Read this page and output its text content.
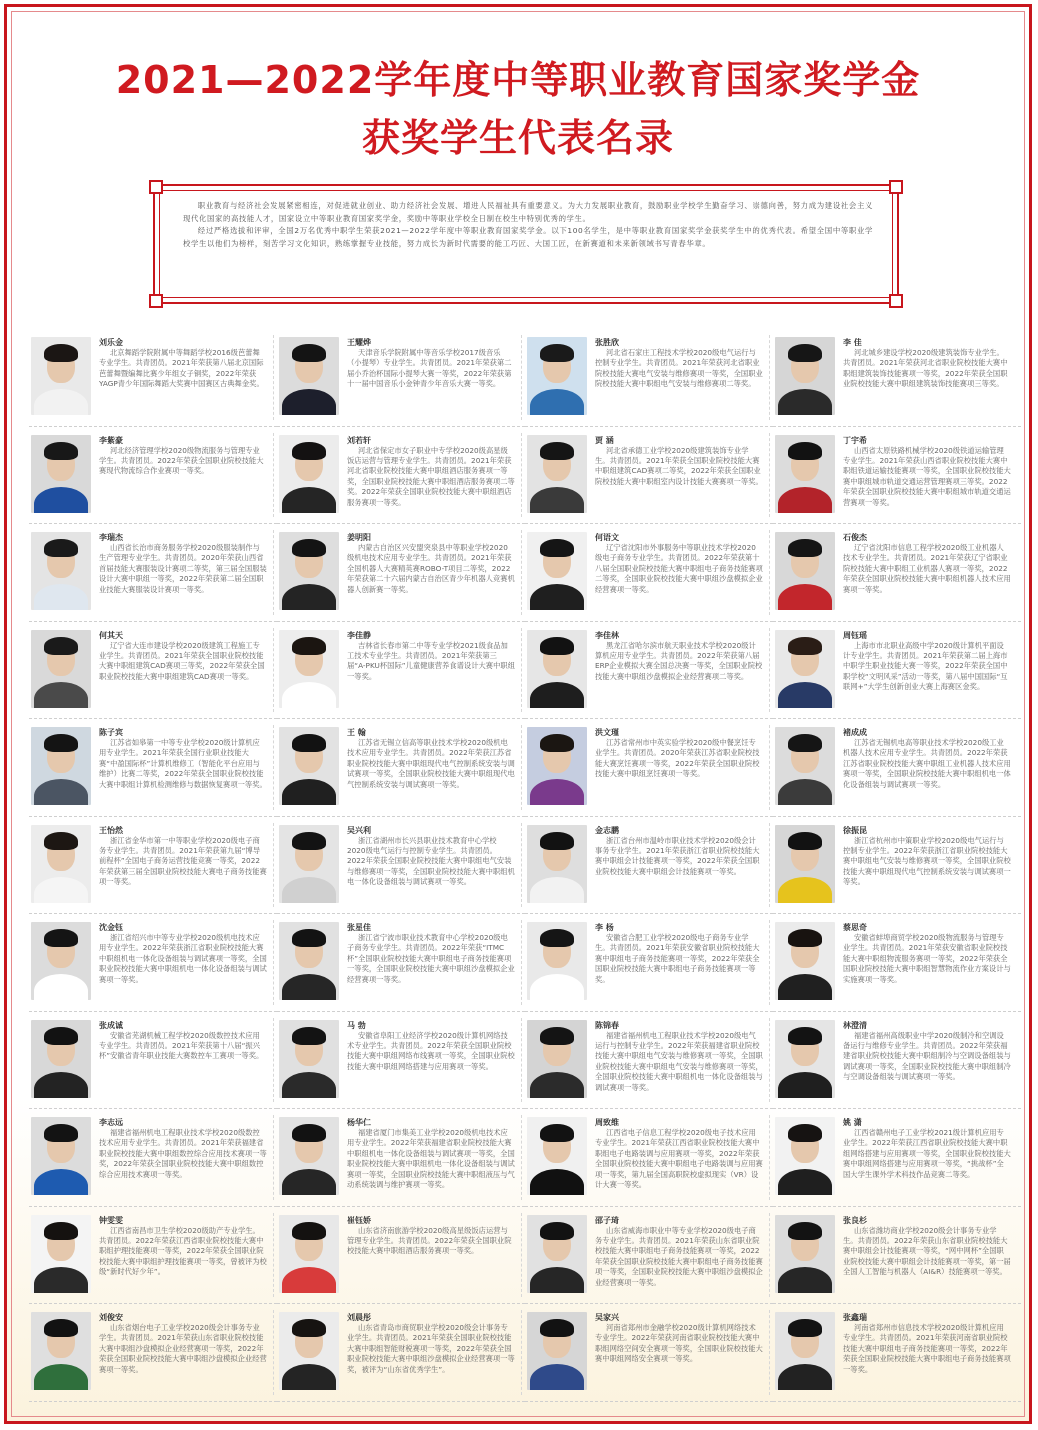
2021—2022学年度中等职业教育国家奖学金
获奖学生代表名录

职业教育与经济社会发展紧密相连，对促进就业创业、助力经济社会发展、增进人民福祉具有重要意义。为大力发展职业教育，鼓励职业学校学生勤奋学习、崇德向善，努力成为建设社会主义现代化国家的高技能人才，国家设立中等职业教育国家奖学金，奖励中等职业学校全日制在校生中特别优秀的学生。

经过严格选拔和评审，全国2万名优秀中职学生荣获2021—2022学年度中等职业教育国家奖学金。以下100名学生，是中等职业教育国家奖学金获奖学生中的优秀代表。希望全国中等职业学校学生以他们为榜样，刻苦学习文化知识，熟练掌握专业技能，努力成长为新时代需要的能工巧匠、大国工匠，在新赛道和未来新领域书写青春华章。

刘乐金
北京舞蹈学院附属中等舞蹈学校2016级芭蕾舞专业学生。共青团员。2021年荣获第八届北京国际芭蕾舞暨编舞比赛少年组女子铜奖，2022年荣获YAGP青少年国际舞蹈大奖赛中国赛区古典舞金奖。
王耀烨
天津音乐学院附属中等音乐学校2017级音乐（小提琴）专业学生。共青团员。2021年荣获第二届小乔治杯国际小提琴大赛一等奖，2022年荣获第十一届中国音乐小金钟青少年音乐大赛一等奖。
张胜欣
河北省石家庄工程技术学校2020级电气运行与控制专业学生。共青团员。2021年荣获河北省职业院校技能大赛电气安装与维修赛项一等奖，全国职业院校技能大赛中职组电气安装与维修赛项二等奖。
李 佳
河北城乡建设学校2020级建筑装饰专业学生。共青团员。2021年荣获河北省职业院校技能大赛中职组建筑装饰技能赛项一等奖，2022年荣获全国职业院校技能大赛中职组建筑装饰技能赛项三等奖。
李紫豪
河北经济管理学校2020级物流服务与管理专业学生。共青团员。2022年荣获全国职业院校技能大赛现代物流综合作业赛项一等奖。
刘若轩
河北省保定市女子职业中专学校2020级高星级饭店运营与管理专业学生。共青团员。2021年荣获河北省职业院校技能大赛中职组酒店服务赛项一等奖，全国职业院校技能大赛中职组酒店服务赛项二等奖。2022年荣获全国职业院校技能大赛中职组酒店服务赛项一等奖。
贾 涵
河北省承德工业学校2020级建筑装饰专业学生。共青团员。2021年荣获全国职业院校技能大赛中职组建筑CAD赛项二等奖，2022年荣获全国职业院校技能大赛中职组室内设计技能大赛赛项一等奖。
丁宇希
山西省太原铁路机械学校2020级铁道运输管理专业学生。2021年荣获山西省职业院校技能大赛中职组铁道运输技能赛项一等奖，全国职业院校技能大赛中职组城市轨道交通运营管理赛项三等奖。2022年荣获全国职业院校技能大赛中职组城市轨道交通运营赛项一等奖。
李瑞杰
山西省长治市商务服务学校2020级服装制作与生产管理专业学生。共青团员。2020年荣获山西省首届技能大赛服装设计赛项二等奖，第三届全国服装设计大赛中职组一等奖，2022年荣获第二届全国职业技能大赛服装设计赛项一等奖。
姜明阳
内蒙古自治区兴安盟突泉县中等职业学校2020级机电技术应用专业学生。共青团员。2021年荣获全国机器人大赛精英赛ROBO-T项目二等奖，2022年荣获第二十六届内蒙古自治区青少年机器人竞赛机器人创新赛一等奖。
何语文
辽宁省沈阳市外事服务中等职业技术学校2020级电子商务专业学生。共青团员。2022年荣获第十八届全国职业院校技能大赛中职组电子商务技能赛项二等奖，全国职业院校技能大赛中职组沙盘模拟企业经营赛项一等奖。
石俊杰
辽宁省沈阳市信息工程学校2020级工业机器人技术专业学生。共青团员。2021年荣获辽宁省职业院校技能大赛中职组工业机器人赛项一等奖，2022年荣获全国职业院校技能大赛中职组机器人技术应用赛项一等奖。
何其天
辽宁省大连市建设学校2020级建筑工程施工专业学生。共青团员。2021年荣获全国职业院校技能大赛中职组建筑CAD赛项三等奖，2022年荣获全国职业院校技能大赛中职组建筑CAD赛项一等奖。
李佳静
吉林省长春市第二中等专业学校2021级食品加工技术专业学生。共青团员。2021年荣获第三届“A-PKU杯国际”儿童健康营养食谱设计大赛中职组一等奖。
李佳林
黑龙江省哈尔滨市航天职业技术学校2020级计算机应用专业学生。共青团员。2022年荣获第八届ERP企业模拟大赛全国总决赛一等奖，全国职业院校技能大赛中职组沙盘模拟企业经营赛项二等奖。
周钰瑶
上海市市北职业高级中学2020级计算机平面设计专业学生。共青团员。2021年荣获第二届上海市中职学生职业技能大赛一等奖，2022年荣获全国中职学校“文明风采”活动一等奖，第八届中国国际“互联网+”大学生创新创业大赛上海赛区金奖。
陈子宾
江苏省如皋第一中等专业学校2020级计算机应用专业学生。2021年荣获全国行业职业技能大赛“中盈国际杯”计算机维修工（智能化平台应用与维护）比赛二等奖，2022年荣获全国职业院校技能大赛中职组计算机检测维修与数据恢复赛项一等奖。
王 翰
江苏省无锡立信高等职业技术学校2020级机电技术应用专业学生。共青团员。2022年荣获江苏省职业院校技能大赛中职组现代电气控制系统安装与调试赛项一等奖，全国职业院校技能大赛中职组现代电气控制系统安装与调试赛项一等奖。
洪文瑾
江苏省常州市中英实验学校2020级中餐烹饪专业学生。共青团员。2020年荣获江苏省职业院校技能大赛烹饪赛项一等奖，2022年荣获全国职业院校技能大赛中职组烹饪赛项一等奖。
褚成成
江苏省无锡机电高等职业技术学校2020级工业机器人技术应用专业学生。共青团员。2022年荣获江苏省职业院校技能大赛中职组工业机器人技术应用赛项一等奖，全国职业院校技能大赛中职组机电一体化设备组装与调试赛项一等奖。
王怡然
浙江省金华市第一中等职业学校2020级电子商务专业学生。共青团员。2021年荣获第九届“博导前程杯”全国电子商务运营技能竞赛一等奖，2022年荣获第三届全国职业院校技能大赛电子商务技能赛项一等奖。
吴兴利
浙江省湖州市长兴县职业技术教育中心学校2020级电气运行与控制专业学生。共青团员。2022年荣获全国职业院校技能大赛中职组电气安装与维修赛项一等奖，全国职业院校技能大赛中职组机电一体化设备组装与调试赛项一等奖。
金志鹏
浙江省台州市温岭市职业技术学校2020级会计事务专业学生。2021年荣获浙江省职业院校技能大赛中职组会计技能赛项一等奖，2022年荣获全国职业院校技能大赛中职组会计技能赛项一等奖。
徐振昆
浙江省杭州市中策职业学校2020级电气运行与控制专业学生。2022年荣获浙江省职业院校技能大赛中职组电气安装与维修赛项一等奖，全国职业院校技能大赛中职组现代电气控制系统安装与调试赛项一等奖。
沈金钰
浙江省绍兴市中等专业学校2020级机电技术应用专业学生。2022年荣获浙江省职业院校技能大赛中职组机电一体化设备组装与调试赛项一等奖，全国职业院校技能大赛中职组机电一体化设备组装与调试赛项一等奖。
张星佳
浙江省宁波市职业技术教育中心学校2020级电子商务专业学生。共青团员。2022年荣获“ITMC杯”全国职业院校技能大赛中职组电子商务技能赛项一等奖，全国职业院校技能大赛中职组沙盘模拟企业经营赛项一等奖。
李 杨
安徽省合肥工业学校2020级电子商务专业学生。共青团员。2021年荣获安徽省职业院校技能大赛中职组电子商务技能赛项一等奖，2022年荣获全国职业院校技能大赛中职组电子商务技能赛项一等奖。
蔡思奇
安徽省蚌埠商贸学校2020级物流服务与管理专业学生。共青团员。2021年荣获安徽省职业院校技能大赛中职组物流服务赛项一等奖，2022年荣获全国职业院校技能大赛中职组智慧物流作业方案设计与实施赛项一等奖。
张成诚
安徽省芜湖机械工程学校2020级数控技术应用专业学生。共青团员。2021年荣获第十八届“振兴杯”安徽省青年职业技能大赛数控车工赛项一等奖。
马 勃
安徽省阜阳工业经济学校2020级计算机网络技术专业学生。共青团员。2022年荣获全国职业院校技能大赛中职组网络布线赛项一等奖，全国职业院校技能大赛中职组网络搭建与应用赛项一等奖。
陈锦春
福建省福州机电工程职业技术学校2020级电气运行与控制专业学生。2022年荣获福建省职业院校技能大赛中职组电气安装与维修赛项一等奖，全国职业院校技能大赛中职组电气安装与维修赛项一等奖，全国职业院校技能大赛中职组机电一体化设备组装与调试赛项一等奖。
林澄清
福建省福州高级职业中学2020级制冷和空调设备运行与维修专业学生。共青团员。2022年荣获福建省职业院校技能大赛中职组制冷与空调设备组装与调试赛项一等奖，全国职业院校技能大赛中职组制冷与空调设备组装与调试赛项一等奖。
李志远
福建省福州机电工程职业技术学校2020级数控技术应用专业学生。共青团员。2021年荣获福建省职业院校技能大赛中职组数控综合应用技术赛项一等奖，2022年荣获全国职业院校技能大赛中职组数控综合应用技术赛项一等奖。
杨华仁
福建省厦门市集美工业学校2020级机电技术应用专业学生。2022年荣获福建省职业院校技能大赛中职组机电一体化设备组装与调试赛项一等奖，全国职业院校技能大赛中职组机电一体化设备组装与调试赛项一等奖，全国职业院校技能大赛中职组液压与气动系统装调与维护赛项一等奖。
周致维
江西省电子信息工程学校2020级电子技术应用专业学生。2021年荣获江西省职业院校技能大赛中职组电子电路装调与应用赛项一等奖，2022年荣获全国职业院校技能大赛中职组电子电路装调与应用赛项一等奖，第九届全国高职院校虚拟现实（VR）设计大赛一等奖。
姚 潇
江西省赣州电子工业学校2021级计算机应用专业学生。2022年荣获江西省职业院校技能大赛中职组网络搭建与应用赛项一等奖，全国职业院校技能大赛中职组网络搭建与应用赛项一等奖，“挑战杯”全国大学生课外学术科技作品竞赛二等奖。
钟雯雯
江西省南昌市卫生学校2020级助产专业学生。共青团员。2022年荣获江西省职业院校技能大赛中职组护理技能赛项一等奖，2022年荣获全国职业院校技能大赛中职组护理技能赛项一等奖，曾被评为校级“新时代好少年”。
崔钰娇
山东省济南旅游学校2020级高星级饭店运营与管理专业学生。共青团员。2022年荣获全国职业院校技能大赛中职组酒店服务赛项一等奖。
邵子琦
山东省威海市职业中等专业学校2020级电子商务专业学生。共青团员。2021年荣获山东省职业院校技能大赛中职组电子商务技能赛项一等奖，2022年荣获全国职业院校技能大赛中职组电子商务技能赛项一等奖，全国职业院校技能大赛中职组沙盘模拟企业经营赛项一等奖。
张良杉
山东省潍坊商业学校2020级会计事务专业学生。共青团员。2022年荣获山东省职业院校技能大赛中职组会计技能赛项一等奖，“网中网杯”全国职业院校技能大赛中职组会计技能赛项一等奖，第一届全国人工智能与机器人（AI&R）技能赛项一等奖。
刘俊安
山东省烟台电子工业学校2020级会计事务专业学生。共青团员。2021年荣获山东省职业院校技能大赛中职组沙盘模拟企业经营赛项一等奖，2022年荣获全国职业院校技能大赛中职组沙盘模拟企业经营赛项一等奖。
刘晨彤
山东省青岛市商贸职业学校2020级会计事务专业学生。共青团员。2021年荣获全国职业院校技能大赛中职组智能财税赛项一等奖，2022年荣获全国职业院校技能大赛中职组沙盘模拟企业经营赛项一等奖，被评为“山东省优秀学生”。
吴家兴
河南省郑州市金融学校2020级计算机网络技术专业学生。2022年荣获河南省职业院校技能大赛中职组网络空间安全赛项一等奖，全国职业院校技能大赛中职组网络安全赛项一等奖。
张鑫瑞
河南省郑州市信息技术学校2020级计算机应用专业学生。共青团员。2021年荣获河南省职业院校技能大赛中职组电子商务技能赛项一等奖，2022年荣获全国职业院校技能大赛中职组电子商务技能赛项一等奖。
